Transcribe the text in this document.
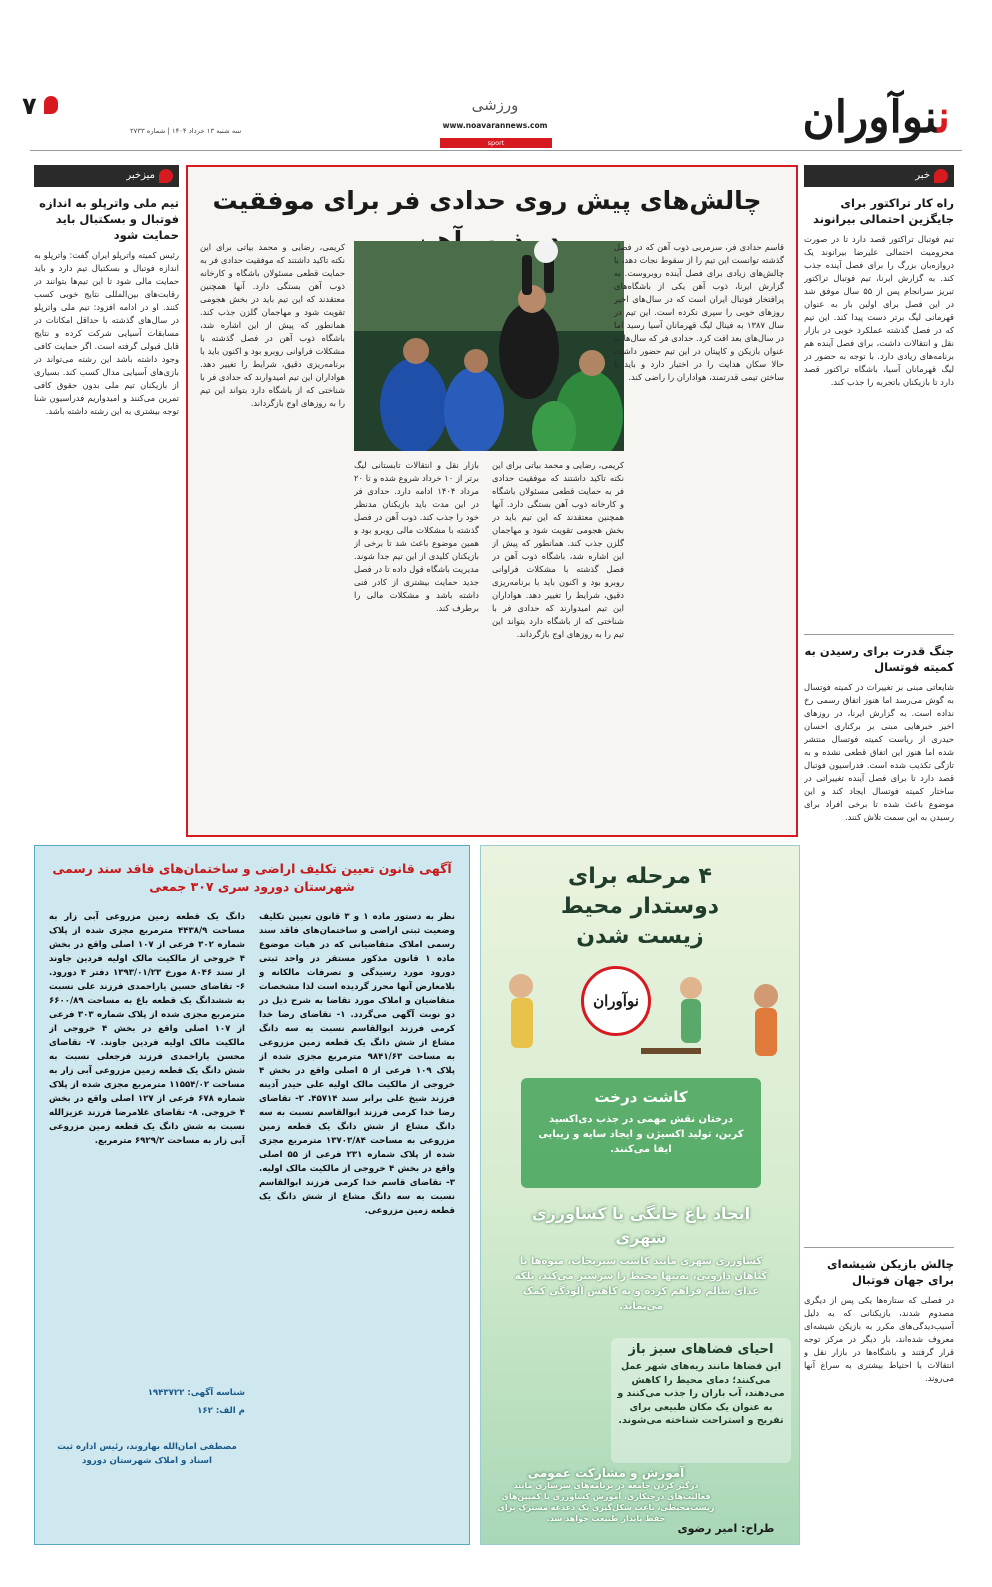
ننوآوران
ورزشی
www.noavarannews.com
sport
۷
سه شنبه ۱۳ خرداد ۱۴۰۴ | شماره ۲۷۳۳
خبر
راه کار تراکتور برای جایگزین احتمالی بیرانوند
تیم فوتبال تراکتور قصد دارد تا در صورت محرومیت احتمالی علیرضا بیرانوند یک دروازه‌بان بزرگ را برای فصل آینده جذب کند. به گزارش ایرنا، تیم فوتبال تراکتور تبریز سرانجام پس از ۵۵ سال موفق شد در این فصل برای اولین بار به عنوان قهرمانی لیگ برتر دست پیدا کند. این تیم که در فصل گذشته عملکرد خوبی در بازار نقل و انتقالات داشت، برای فصل آینده هم برنامه‌های زیادی دارد. با توجه به حضور در لیگ قهرمانان آسیا، باشگاه تراکتور قصد دارد تا بازیکنان باتجربه را جذب کند.
جنگ قدرت برای رسیدن به کمیته فوتسال
شایعاتی مبنی بر تغییرات در کمیته فوتسال به گوش می‌رسد اما هنوز اتفاق رسمی رخ نداده است. به گزارش ایرنا، در روزهای اخیر خبرهایی مبنی بر برکناری احسان حیدری از ریاست کمیته فوتسال منتشر شده اما هنوز این اتفاق قطعی نشده و به تازگی تکذیب شده است. فدراسیون فوتبال قصد دارد تا برای فصل آینده تغییراتی در ساختار کمیته فوتسال ایجاد کند و این موضوع باعث شده تا برخی افراد برای رسیدن به این سمت تلاش کنند.
چالش بازیکن شیشه‌ای برای جهان فوتبال
در فصلی که ستاره‌ها یکی پس از دیگری مصدوم شدند، بازیکنانی که به دلیل آسیب‌دیدگی‌های مکرر به بازیکن شیشه‌ای معروف شده‌اند، بار دیگر در مرکز توجه قرار گرفتند و باشگاه‌ها در بازار نقل و انتقالات با احتیاط بیشتری به سراغ آنها می‌روند.
چالش‌های پیش روی حدادی فر برای موفقیت
قاسم حدادی فر، سرمربی ذوب آهن که در فصل گذشته توانست این تیم را از سقوط نجات دهد، با چالش‌های زیادی برای فصل آینده روبروست. به گزارش ایرنا، ذوب آهن یکی از باشگاه‌های پرافتخار فوتبال ایران است که در سال‌های اخیر روزهای خوبی را سپری نکرده است. این تیم در سال ۱۳۸۷ به فینال لیگ قهرمانان آسیا رسید اما در سال‌های بعد افت کرد. حدادی فر که سال‌ها به عنوان بازیکن و کاپیتان در این تیم حضور داشته، حالا سکان هدایت را در اختیار دارد و باید با ساختن تیمی قدرتمند، هواداران را راضی کند.
بازار نقل و انتقالات تابستانی لیگ برتر از ۱۰ خرداد شروع شده و تا ۲۰ مرداد ۱۴۰۴ ادامه دارد. حدادی فر در این مدت باید بازیکنان مدنظر خود را جذب کند. ذوب آهن در فصل گذشته با مشکلات مالی روبرو بود و همین موضوع باعث شد تا برخی از بازیکنان کلیدی از این تیم جدا شوند. مدیریت باشگاه قول داده تا در فصل جدید حمایت بیشتری از کادر فنی داشته باشد و مشکلات مالی را برطرف کند.
کریمی، رضایی و محمد بیاتی برای این نکته تاکید داشتند که موفقیت حدادی فر به حمایت قطعی مسئولان باشگاه و کارخانه ذوب آهن بستگی دارد. آنها همچنین معتقدند که این تیم باید در بخش هجومی تقویت شود و مهاجمان گلزن جذب کند. همانطور که پیش از این اشاره شد، باشگاه ذوب آهن در فصل گذشته با مشکلات فراوانی روبرو بود و اکنون باید با برنامه‌ریزی دقیق، شرایط را تغییر دهد. هواداران این تیم امیدوارند که حدادی فر با شناختی که از باشگاه دارد بتواند این تیم را به روزهای اوج بازگرداند.
کریمی، رضایی و محمد بیاتی برای این نکته تاکید داشتند که موفقیت حدادی فر به حمایت قطعی مسئولان باشگاه و کارخانه ذوب آهن بستگی دارد. آنها همچنین معتقدند که این تیم باید در بخش هجومی تقویت شود و مهاجمان گلزن جذب کند. همانطور که پیش از این اشاره شد، باشگاه ذوب آهن در فصل گذشته با مشکلات فراوانی روبرو بود و اکنون باید با برنامه‌ریزی دقیق، شرایط را تغییر دهد. هواداران این تیم امیدوارند که حدادی فر با شناختی که از باشگاه دارد بتواند این تیم را به روزهای اوج بازگرداند.
میزخبر
تیم ملی واترپلو به اندازه فوتبال و بسکتبال باید حمایت شود
رئیس کمیته واترپلو ایران گفت: واترپلو به اندازه فوتبال و بسکتبال تیم دارد و باید حمایت مالی شود تا این تیم‌ها بتوانند در رقابت‌های بین‌المللی نتایج خوبی کسب کنند. او در ادامه افزود: تیم ملی واترپلو در سال‌های گذشته با حداقل امکانات در مسابقات آسیایی شرکت کرده و نتایج قابل قبولی گرفته است. اگر حمایت کافی وجود داشته باشد این رشته می‌تواند در بازی‌های آسیایی مدال کسب کند. بسیاری از بازیکنان تیم ملی بدون حقوق کافی تمرین می‌کنند و امیدواریم فدراسیون شنا توجه بیشتری به این رشته داشته باشد.
آگهی قانون تعیین تکلیف اراضی و ساختمان‌های فاقد سند رسمی
شهرستان دورود سری ۳۰۷ جمعی
نظر به دستور ماده ۱ و ۳ قانون تعیین تکلیف وضعیت ثبتی اراضی و ساختمان‌های فاقد سند رسمی املاک متقاضیانی که در هیات موضوع ماده ۱ قانون مذکور مستقر در واحد ثبتی دورود مورد رسیدگی و تصرفات مالکانه و بلامعارض آنها محرز گردیده است لذا مشخصات متقاضیان و املاک مورد تقاضا به شرح ذیل در دو نوبت آگهی می‌گردد. ۱- تقاضای رضا خدا کرمی فرزند ابوالقاسم نسبت به سه دانگ مشاع از شش دانگ یک قطعه زمین مزروعی به مساحت ۹۸۴۱/۶۳ مترمربع مجزی شده از پلاک ۱۰۹ فرعی از ۵ اصلی واقع در بخش ۴ خروجی از مالکیت مالک اولیه علی حیدر آدینه فرزند شیخ علی برابر سند ۴۵۷۱۴. ۲- تقاضای رضا خدا کرمی فرزند ابوالقاسم نسبت به سه دانگ مشاع از شش دانگ یک قطعه زمین مزروعی به مساحت ۱۳۷۰۳/۸۴ مترمربع مجزی شده از پلاک شماره ۲۳۱ فرعی از ۵۵ اصلی واقع در بخش ۴ خروجی از مالکیت مالک اولیه. ۳- تقاضای قاسم خدا کرمی فرزند ابوالقاسم نسبت به سه دانگ مشاع از شش دانگ یک قطعه زمین مزروعی.
دانگ یک قطعه زمین مزروعی آبی زار به مساحت ۴۴۳۸/۹ مترمربع مجزی شده از پلاک شماره ۳۰۲ فرعی از ۱۰۷ اصلی واقع در بخش ۴ خروجی از مالکیت مالک اولیه فردین جاوند از سند ۸۰۴۶ مورخ ۱۳۹۳/۰۱/۲۳ دفتر ۴ دورود. ۶- تقاضای حسین یاراحمدی فرزند علی نسبت به ششدانگ یک قطعه باغ به مساحت ۶۶۰۰/۸۹ مترمربع مجزی شده از پلاک شماره ۳۰۳ فرعی از ۱۰۷ اصلی واقع در بخش ۴ خروجی از مالکیت مالک اولیه فردین جاوند. ۷- تقاضای محسن یاراحمدی فرزند فرجعلی نسبت به شش دانگ یک قطعه زمین مزروعی آبی زار به مساحت ۱۱۵۵۴/۰۲ مترمربع مجزی شده از پلاک شماره ۶۷۸ فرعی از ۱۲۷ اصلی واقع در بخش ۴ خروجی. ۸- تقاضای غلامرضا فرزند عزیزالله نسبت به شش دانگ یک قطعه زمین مزروعی آبی زار به مساحت ۶۹۲۹/۲ مترمربع.
شناسه آگهی: ۱۹۴۳۷۲۲
م الف: ۱۶۲
مصطفی امان‌الله بهاروند، رئیس اداره ثبت اسناد و املاک شهرستان دورود
۴ مرحله برای
دوستدار محیط
زیست شدن
نوآوران
کاشت درخت
درختان نقش مهمی در جذب دی‌اکسید کربن، تولید اکسیژن و ایجاد سایه و زیبایی ایفا می‌کنند.
ایجاد باغ خانگی یا کشاورزی شهری
کشاورزی شهری مانند کاشت سبزیجات، میوه‌ها یا گیاهان دارویی، نه‌تنها محیط را سرسبز می‌کند، بلکه غذای سالم فراهم کرده و به کاهش آلودگی کمک می‌نماید.
احیای فضاهای سبز باز
این فضاها مانند ریه‌های شهر عمل می‌کنند؛ دمای محیط را کاهش می‌دهند، آب باران را جذب می‌کنند و به عنوان یک مکان طبیعی برای تفریح و استراحت شناخته می‌شوند.
آموزش و مشارکت عمومی
درگیر کردن جامعه در برنامه‌های سرسازی مانند فعالیت‌های درختکاری، آموزش کشاورزی یا کمپین‌های زیست‌محیطی، باعث شکل‌گیری یک دغدغه مشترک برای حفظ پایدار طبیعت خواهد شد.
طراح: امیر رضوی
